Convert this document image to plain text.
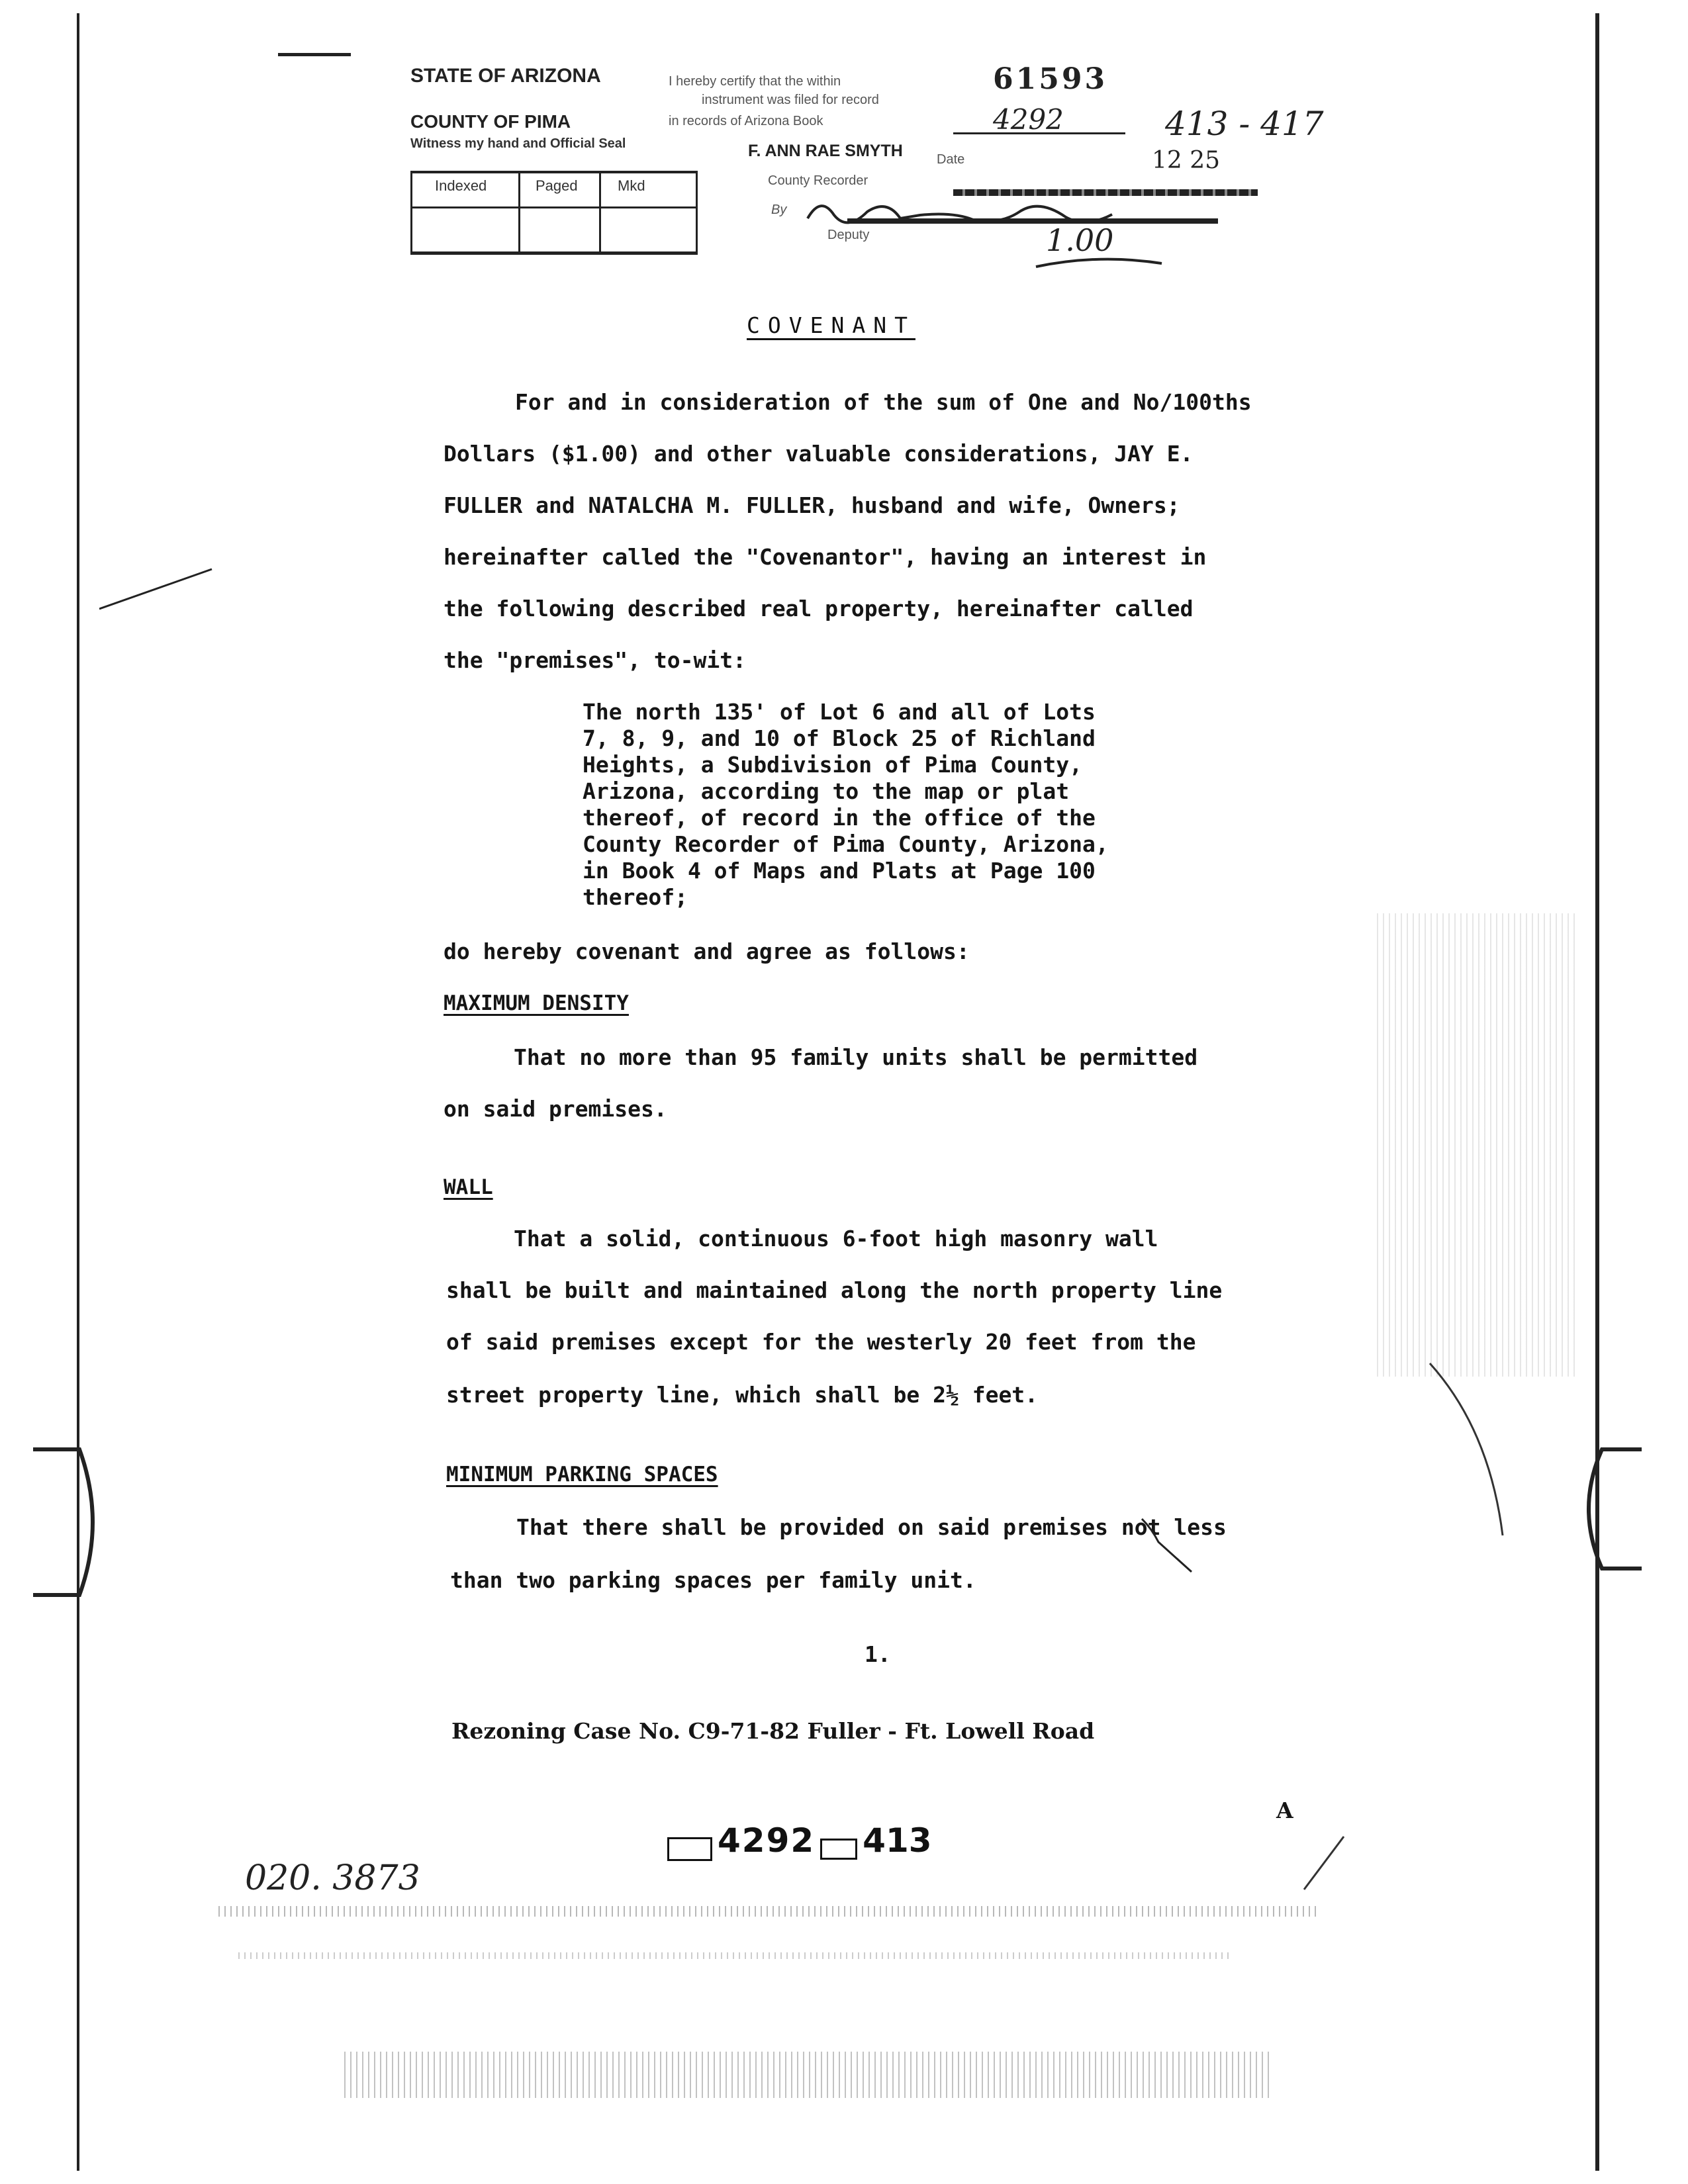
STATE OF ARIZONA
COUNTY OF PIMA
Witness my hand and Official Seal
I hereby certify that the within
instrument was filed for record
in records of Arizona Book
F. ANN RAE SMYTH
County Recorder
By
Deputy
Date
61593
4292	413 - 417
12 25
1.00
Indexed	Paged	Mkd
COVENANT
For and in consideration of the sum of One and No/100ths
Dollars ($1.00) and other valuable considerations, JAY E.
FULLER and NATALCHA M. FULLER, husband and wife, Owners;
hereinafter called the "Covenantor", having an interest in
the following described real property, hereinafter called
the "premises", to-wit:
The north 135' of Lot 6 and all of Lots
7, 8, 9, and 10 of Block 25 of Richland
Heights, a Subdivision of Pima County,
Arizona, according to the map or plat
thereof, of record in the office of the
County Recorder of Pima County, Arizona,
in Book 4 of Maps and Plats at Page 100
thereof;
do hereby covenant and agree as follows:
MAXIMUM DENSITY
That no more than 95 family units shall be permitted
on said premises.
WALL
That a solid, continuous 6-foot high masonry wall
shall be built and maintained along the north property line
of said premises except for the westerly 20 feet from the
street property line, which shall be 2½ feet.
MINIMUM PARKING SPACES
That there shall be provided on said premises not less
than two parking spaces per family unit.
1.
Rezoning Case No. C9-71-82 Fuller - Ft. Lowell Road
A
4292 413
020. 3873
